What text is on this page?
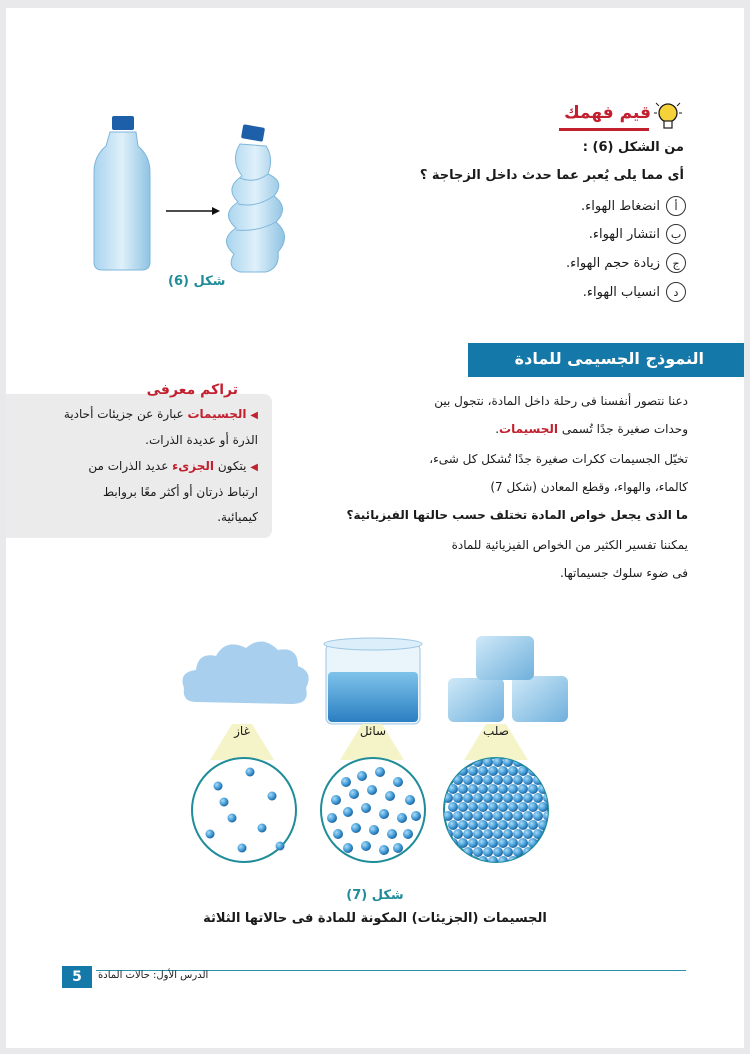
شكل (6)
قيم فهمك
من الشكل (6) :
أى مما يلى يُعبر عما حدث داخل الزجاجة ؟
أ
انضغاط الهواء.
ب
انتشار الهواء.
ج
زيادة حجم الهواء.
د
انسياب الهواء.
النموذج الجسيمى للمادة
تراكم معرفى
◀ الجسيمات عبارة عن جزيئات أحادية
الذرة أو عديدة الذرات.
◀ يتكون الجزىء عديد الذرات من
ارتباط ذرتان أو أكثر معًا بروابط
كيميائية.
دعنا نتصور أنفسنا فى رحلة داخل المادة، نتجول بين
وحدات صغيرة جدًا تُسمى الجسيمات.
تخيّل الجسيمات ككرات صغيرة جدًا تُشكل كل شىء،
كالماء، والهواء، وقطع المعادن (شكل 7)
ما الذى يجعل خواص المادة تختلف حسب حالتها الفيزيائية؟
يمكننا تفسير الكثير من الخواص الفيزيائية للمادة
فى ضوء سلوك جسيماتها.
صلب
سائل
غاز
شكل (7)
الجسيمات (الجزيئات) المكونة للمادة فى حالاتها الثلاثة
5	الدرس الأول: حالات المادة
